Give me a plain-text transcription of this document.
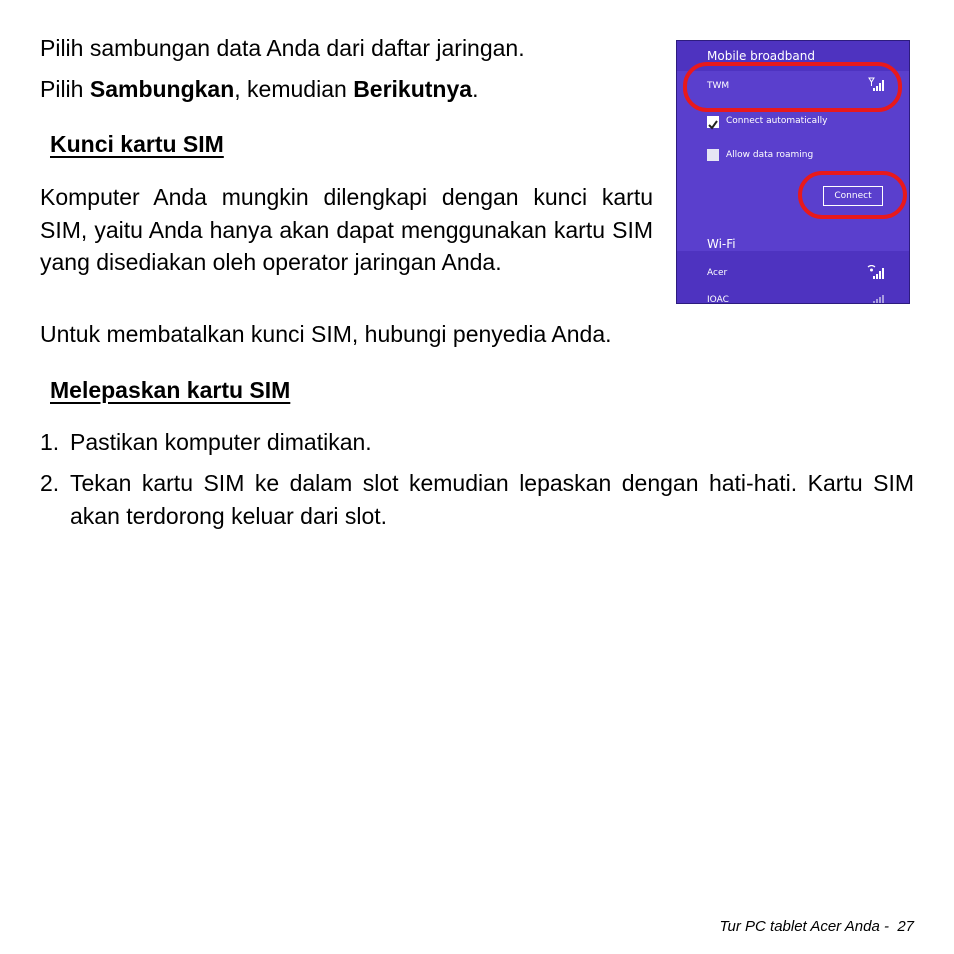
Pilih sambungan data Anda dari daftar jaringan.
Pilih Sambungkan, kemudian Berikutnya.
Kunci kartu SIM
Komputer Anda mungkin dilengkapi dengan kunci kartu SIM, yaitu Anda hanya akan dapat menggunakan kartu SIM yang disediakan oleh operator jaringan Anda.
Untuk membatalkan kunci SIM, hubungi penyedia Anda.
Melepaskan kartu SIM
1. Pastikan komputer dimatikan.
2. Tekan kartu SIM ke dalam slot kemudian lepaskan dengan hati-hati. Kartu SIM akan terdorong keluar dari slot.
Mobile broadband
TWM
Connect automatically
Allow data roaming
Connect
Wi-Fi
Acer
IOAC
Tur PC tablet Acer Anda -  27
